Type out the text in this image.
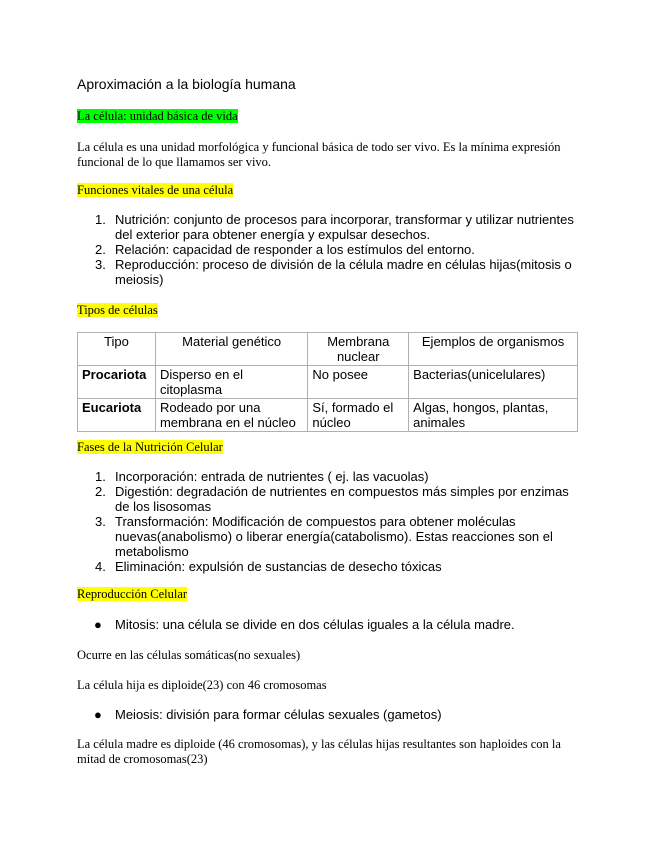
Aproximación a la biología humana
La célula: unidad básica de vida
La célula es una unidad morfológica y funcional básica de todo ser vivo. Es la mínima expresión funcional de lo que llamamos ser vivo.
Funciones vitales de una célula
1. Nutrición: conjunto de procesos para incorporar, transformar y utilizar nutrientes del exterior para obtener energía y expulsar desechos.
2. Relación: capacidad de responder a los estímulos del entorno.
3. Reproducción: proceso de división de la célula madre en células hijas(mitosis o meiosis)
Tipos de células
Tipo	Material genético	Membrana nuclear	Ejemplos de organismos
Procariota	Disperso en el citoplasma	No posee	Bacterias(unicelulares)
Eucariota	Rodeado por una membrana en el núcleo	Sí, formado el núcleo	Algas, hongos, plantas, animales
Fases de la Nutrición Celular
1. Incorporación: entrada de nutrientes ( ej. las vacuolas)
2. Digestión: degradación de nutrientes en compuestos más simples por enzimas de los lisosomas
3. Transformación: Modificación de compuestos para obtener moléculas nuevas(anabolismo) o liberar energía(catabolismo). Estas reacciones son el metabolismo
4. Eliminación: expulsión de sustancias de desecho tóxicas
Reproducción Celular
● Mitosis: una célula se divide en dos células iguales a la célula madre.
Ocurre en las células somáticas(no sexuales)
La célula hija es diploide(23) con 46 cromosomas
● Meiosis: división para formar células sexuales (gametos)
La célula madre es diploide (46 cromosomas), y las células hijas resultantes son haploides con la mitad de cromosomas(23)
